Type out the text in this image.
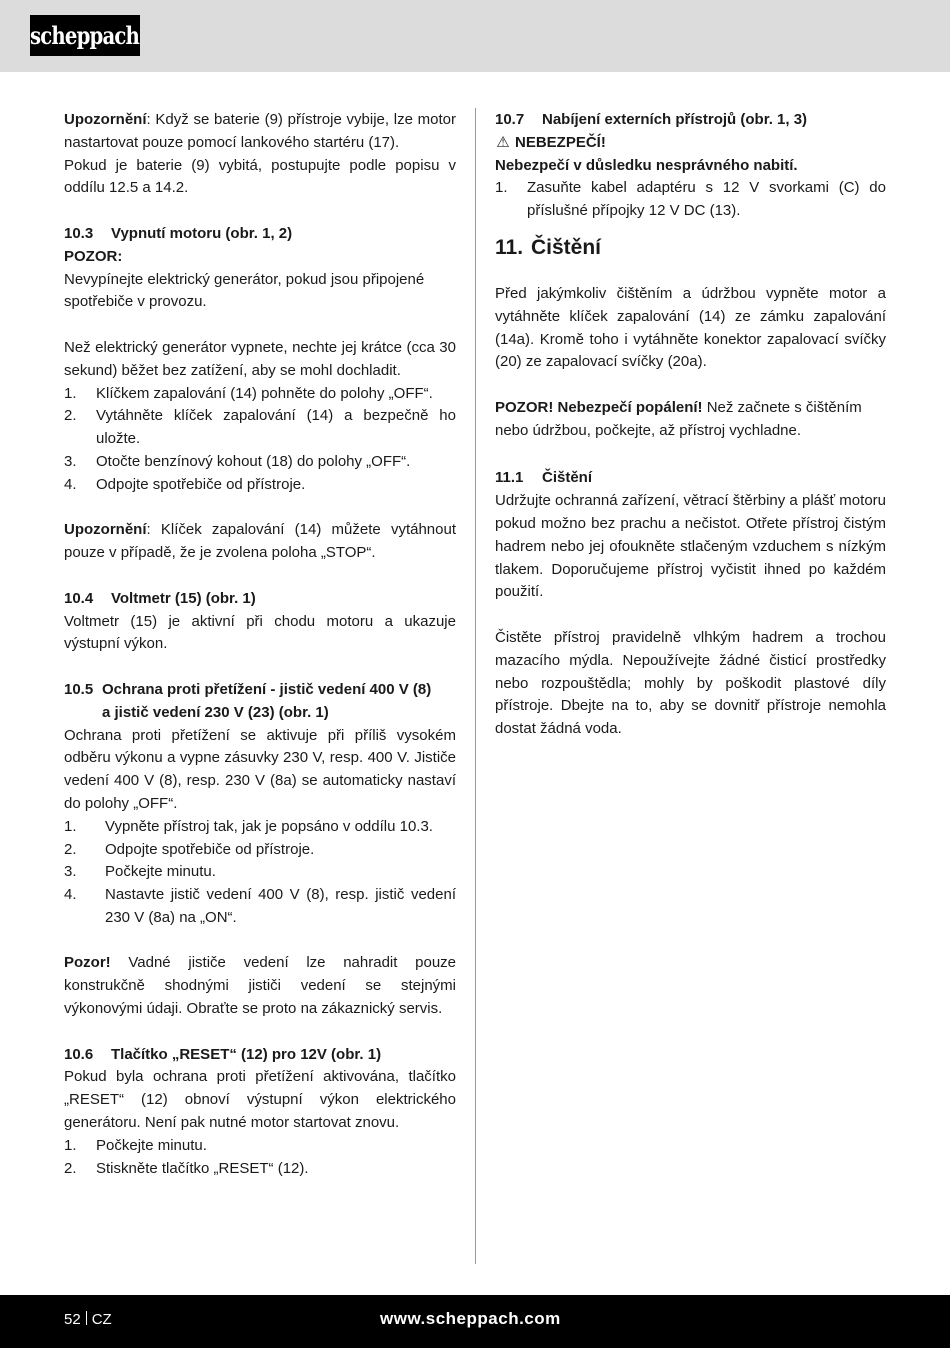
scheppach

Upozornění: Když se baterie (9) přístroje vybije, lze motor nastartovat pouze pomocí lankového startéru (17).

Pokud je baterie (9) vybitá, postupujte podle popisu v oddílu 12.5 a 14.2.

10.3	Vypnutí motoru (obr. 1, 2)

POZOR:

Nevypínejte elektrický generátor, pokud jsou připojené spotřebiče v provozu.

Než elektrický generátor vypnete, nechte jej krátce (cca 30 sekund) běžet bez zatížení, aby se mohl dochladit.

1.	Klíčkem zapalování (14) pohněte do polohy „OFF“.
2.	Vytáhněte klíček zapalování (14) a bezpečně ho uložte.
3.	Otočte benzínový kohout (18) do polohy „OFF“.
4.	Odpojte spotřebiče od přístroje.

Upozornění: Klíček zapalování (14) můžete vytáhnout pouze v případě, že je zvolena poloha „STOP“.

10.4	Voltmetr (15) (obr. 1)

Voltmetr (15) je aktivní při chodu motoru a ukazuje výstupní výkon.

10.5 Ochrana proti přetížení - jistič vedení 400 V (8)
a jistič vedení 230 V (23) (obr. 1)

Ochrana proti přetížení se aktivuje při příliš vysokém odběru výkonu a vypne zásuvky 230 V, resp. 400 V. Jističe vedení 400 V (8), resp. 230 V (8a) se automaticky nastaví do polohy „OFF“.

1.	Vypněte přístroj tak, jak je popsáno v oddílu 10.3.
2.	Odpojte spotřebiče od přístroje.
3.	Počkejte minutu.
4.	Nastavte jistič vedení 400 V (8), resp. jistič vedení 230 V (8a) na „ON“.

Pozor! Vadné jističe vedení lze nahradit pouze konstrukčně shodnými jističi vedení se stejnými výkonovými údaji. Obraťte se proto na zákaznický servis.

10.6	Tlačítko „RESET“ (12) pro 12V (obr. 1)

Pokud byla ochrana proti přetížení aktivována, tlačítko „RESET“ (12) obnoví výstupní výkon elektrického generátoru. Není pak nutné motor startovat znovu.

1.	Počkejte minutu.
2.	Stiskněte tlačítko „RESET“ (12).
10.7	Nabíjení externích přístrojů (obr. 1, 3)

⚠ NEBEZPEČÍ!

Nebezpečí v důsledku nesprávného nabití.

1.	Zasuňte kabel adaptéru s 12 V svorkami (C) do příslušné přípojky 12 V DC (13).
11. Čištění

Před jakýmkoliv čištěním a údržbou vypněte motor a vytáhněte klíček zapalování (14) ze zámku zapalování (14a). Kromě toho i vytáhněte konektor zapalovací svíčky (20) ze zapalovací svíčky (20a).

POZOR! Nebezpečí popálení! Než začnete s čištěním nebo údržbou, počkejte, až přístroj vychladne.

11.1	Čištění

Udržujte ochranná zařízení, větrací štěrbiny a plášť motoru pokud možno bez prachu a nečistot. Otřete přístroj čistým hadrem nebo jej ofoukněte stlačeným vzduchem s nízkým tlakem. Doporučujeme přístroj vyčistit ihned po každém použití.

Čistěte přístroj pravidelně vlhkým hadrem a trochou mazacího mýdla. Nepoužívejte žádné čisticí prostředky nebo rozpouštědla; mohly by poškodit plastové díly přístroje. Dbejte na to, aby se dovnitř přístroje nemohla dostat žádná voda.

52 CZ	www.scheppach.com
